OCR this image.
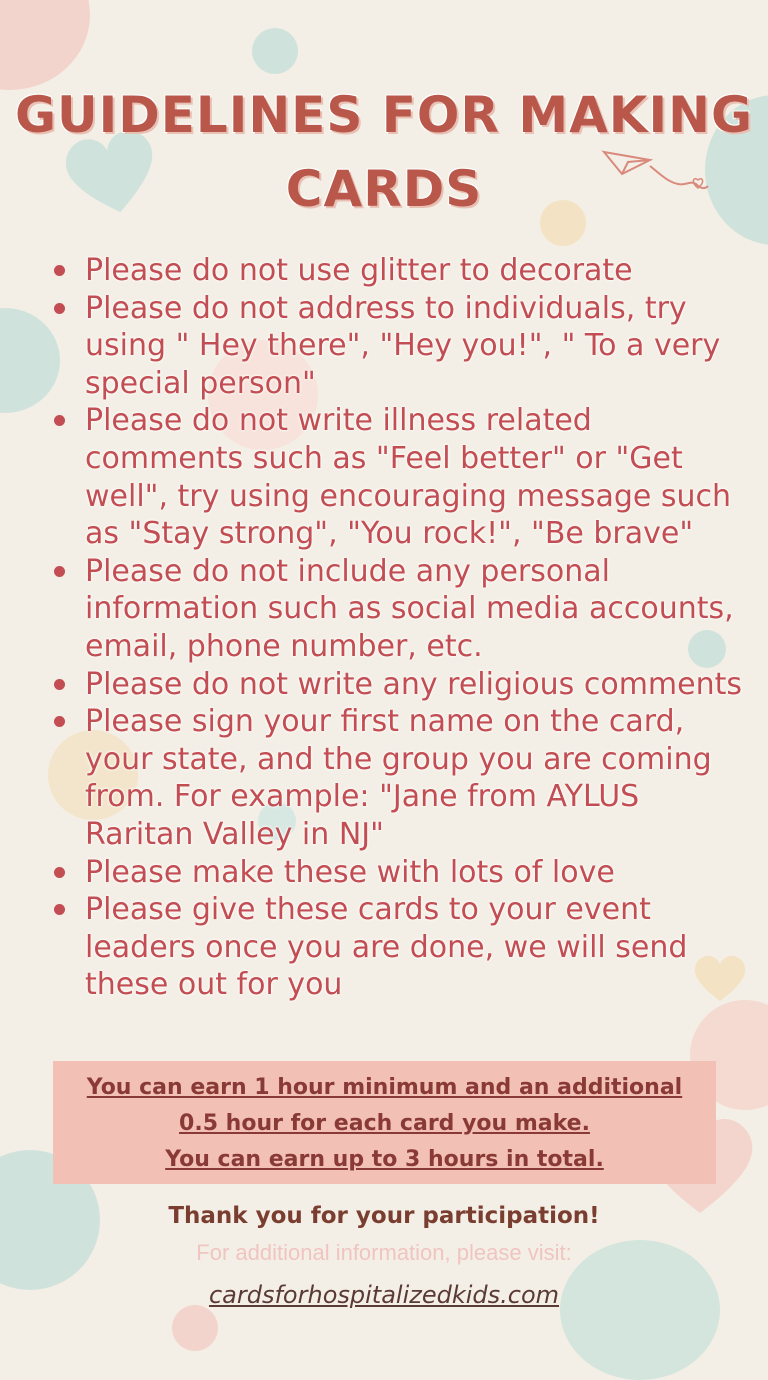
GUIDELINES FOR MAKING
CARDS
Please do not use glitter to decorate
Please do not address to individuals, try using " Hey there", "Hey you!", " To a very special person"
Please do not write illness related comments such as "Feel better" or "Get well", try using encouraging message such as "Stay strong", "You rock!", "Be brave"
Please do not include any personal information such as social media accounts, email, phone number, etc.
Please do not write any religious comments
Please sign your first name on the card, your state, and the group you are coming from. For example: "Jane from AYLUS Raritan Valley in NJ"
Please make these with lots of love
Please give these cards to your event leaders once you are done, we will send these out for you
You can earn 1 hour minimum and an additional
0.5 hour for each card you make.
You can earn up to 3 hours in total.
Thank you for your participation!
For additional information, please visit:
cardsforhospitalizedkids.com
